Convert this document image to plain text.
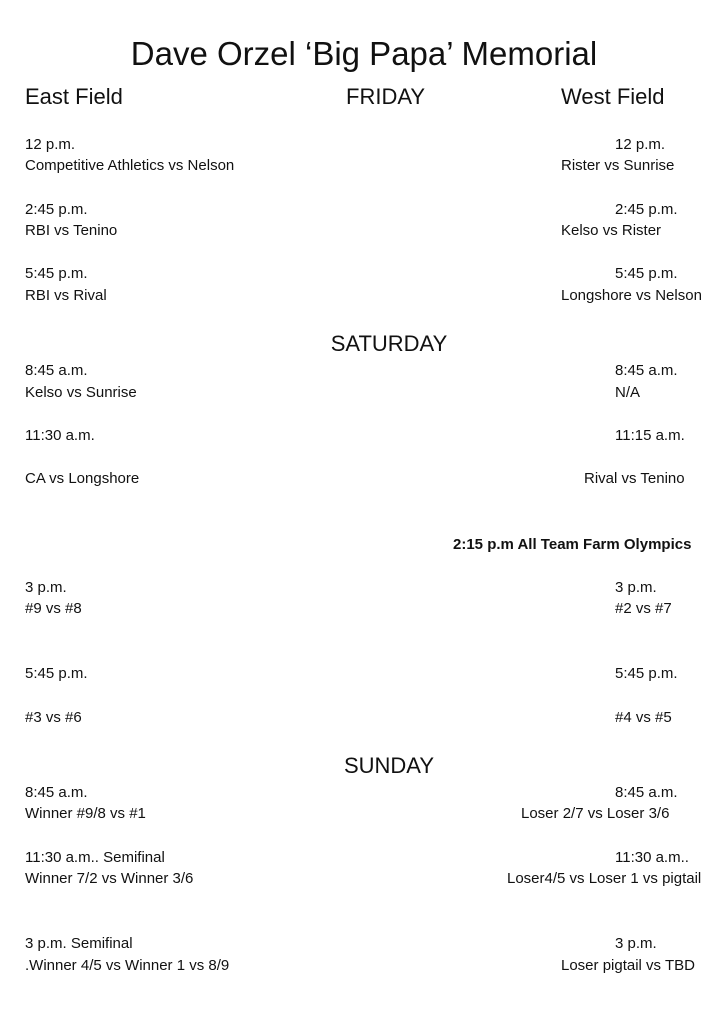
Dave Orzel ‘Big Papa’ Memorial
East Field	FRIDAY	West Field
12 p.m.
Competitive Athletics vs Nelson
2:45 p.m.
RBI vs Tenino
5:45 p.m.
RBI vs Rival
12 p.m.
Rister vs Sunrise
2:45 p.m.
Kelso vs Rister
5:45 p.m.
Longshore vs Nelson
SATURDAY
8:45 a.m.
Kelso vs Sunrise
11:30 a.m.
CA vs Longshore
8:45 a.m.
N/A
11:15 a.m.
Rival vs Tenino
2:15 p.m All Team Farm Olympics
3 p.m.
#9 vs #8
5:45 p.m.
#3 vs #6
3 p.m.
#2 vs #7
5:45 p.m.
#4 vs #5
SUNDAY
8:45 a.m.
Winner #9/8 vs #1
11:30 a.m.. Semifinal
Winner 7/2 vs Winner 3/6
3 p.m. Semifinal
.Winner 4/5 vs Winner 1 vs 8/9
8:45 a.m.
Loser 2/7 vs Loser 3/6
11:30 a.m..
Loser4/5 vs Loser 1 vs pigtail
3 p.m.
Loser pigtail vs TBD
